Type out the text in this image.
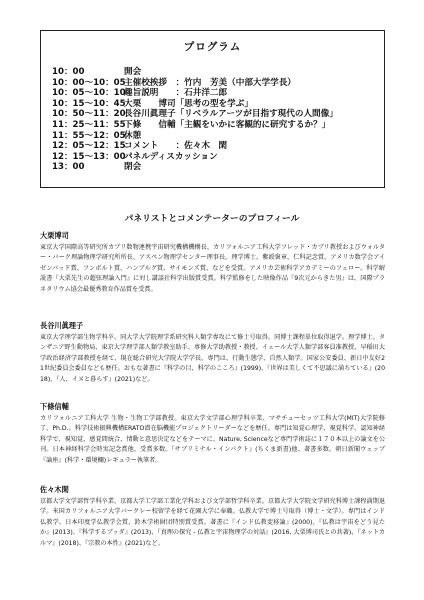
プログラム
10：00	開会
10：00～10：05
主催校挨拶　：竹内　芳美（中部大学学長）
10：05～10：10
趣旨説明　　：石井洋二郎
10：15～10：45
大栗　　博司「思考の型を学ぶ」
10：50～11：20
長谷川眞理子「リベラルアーツが目指す現代の人間像」
11：25～11：55
下條　　信輔「主観をいかに客観的に研究するか？」
11：55～12：05
休憩
12：05～12：15
コメント　　：佐々木　閑
12：15～13：00
パネルディスカッション
13：00	閉会
パネリストとコメンテーターのプロフィール
大栗博司
東京大学国際高等研究所カブリ数物連携宇宙研究機構機構長、カリフォルニア工科大学フレッド・カブリ教授およびウォルター・バーク理論物理学研究所所長、アスペン物理学センター理事長。理学博士。紫綬褒章、仁科記念賞、アメリカ数学会アイゼンバッド賞、フンボルト賞、ハンブルグ賞、サイモンズ賞、などを受賞。アメリカ芸術科学アカデミーのフェロー。科学解説書『大栗先生の超弦理論入門』に対し講談社科学出版賞受賞。科学監修をした映像作品『9次元からきた男』は、国際プラネタリウム協会最優秀教育作品賞を受賞。
長谷川眞理子
東京大学理学部生物学科卒、同大学大学院理学系研究科人類学専攻にて修士号取得。同博士課程単位取得退学。理学博士。タンザニア野生動物局、東京大学理学部人類学教室助手、専修大学助教授・教授、イェール大学人類学部客員准教授、早稲田大学政治経済学部教授を経て、現在総合研究大学院大学学長。専門は、行動生態学、自然人類学。国家公安委員、新日中友好21世紀委員会委員なども歴任。おもな著書に『科学の目、科学のこころ』(1999)、『世界は美しくて不思議に満ちている』(2018)、『人、イヌと暮らす』(2021)など。
下條信輔
カリフォルニア工科大学 生物・生物工学部教授。東京大学文学部心理学科卒業、マサチューセッツ工科大学(MIT)大学院修了、Ph.D.。科学技術振興機構ERATO潜在脳機能プロジェクトリーダーなどを歴任。専門は知覚心理学、視覚科学、認知神経科学で、視知覚、感覚間統合、情動と意思決定などをテーマに、Nature, Scienceなど専門学術誌に１７０本以上の論文を公刊。日本神経科学会時実記念賞他、受賞多数。『サブリミナル・インパクト』(ちくま新書)他、著書多数。朝日新聞ウェッブ『論座』(科学・環境欄)レギュラー執筆者。
佐々木閑
京都大学文学部哲学科卒業、京都大学工学部工業化学科および文学部哲学科卒業。京都大学大学院文学研究科博士課程満期退学。米国カリフォルニア大学バークレー校留学を経て花園大学に奉職。仏教大学で博士号取得（博士・文学）。専門はインド仏教学。日本印度学仏教学会賞、鈴木学術財団特別賞受賞。著書に『インド仏教変移論』(2000)、『仏教は宇宙をどう見たか』(2013)、『科学するブッダ』(2013)、『真理の探究 - 仏教と宇宙物理学の対話』(2016, 大栗博司氏との共著)、『ネットカルマ』(2018)、『宗教の本性』(2021)など。
